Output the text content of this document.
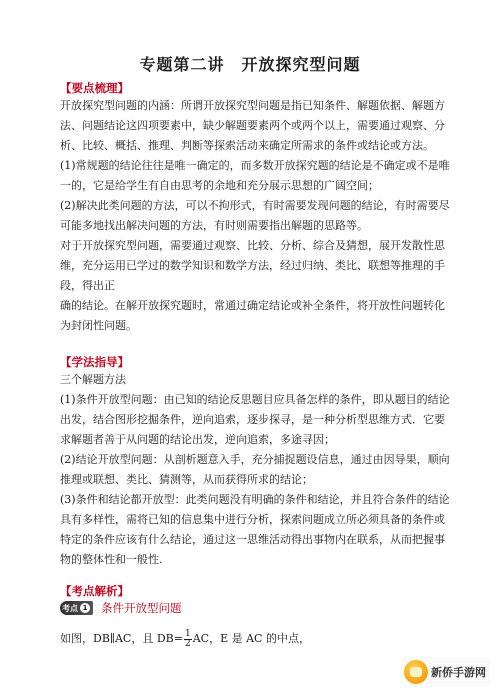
专题第二讲　开放探究型问题
【要点梳理】
开放探究型问题的内涵：所谓开放探究型问题是指已知条件、解题依据、解题方
法、问题结论这四项要素中，缺少解题要素两个或两个以上，需要通过观察、分
析、比较、概括、推理、判断等探索活动来确定所需求的条件或结论或方法。
(1)常规题的结论往往是唯一确定的，而多数开放探究题的结论是不确定或不是唯
一的，它是给学生有自由思考的余地和充分展示思想的广阔空间；
(2)解决此类问题的方法，可以不拘形式，有时需要发现问题的结论，有时需要尽
可能多地找出解决问题的方法，有时则需要指出解题的思路等。
对于开放探究型问题，需要通过观察、比较、分析、综合及猜想，展开发散性思
维，充分运用已学过的数学知识和数学方法，经过归纳、类比、联想等推理的手
段，得出正
确的结论。在解开放探究题时，常通过确定结论或补全条件，将开放性问题转化
为封闭性问题。
【学法指导】
三个解题方法
(1)条件开放型问题：由已知的结论反思题目应具备怎样的条件，即从题目的结论
出发，结合图形挖掘条件，逆向追索，逐步探寻，是一种分析型思维方式．它要
求解题者善于从问题的结论出发，逆向追索，多途寻因；
(2)结论开放型问题：从剖析题意入手，充分捕捉题设信息，通过由因导果，顺向
推理或联想、类比、猜测等，从而获得所求的结论；
(3)条件和结论都开放型：此类问题没有明确的条件和结论，并且符合条件的结论
具有多样性，需将已知的信息集中进行分析，探索问题成立所必须具备的条件或
特定的条件应该有什么结论，通过这一思维活动得出事物内在联系，从而把握事
物的整体性和一般性.
【考点解析】
考点 1 条件开放型问题
如图，DB∥AC，且 $DB= \frac{1}{2}$ AC，E 是 AC 的中点，
新侨手游网
